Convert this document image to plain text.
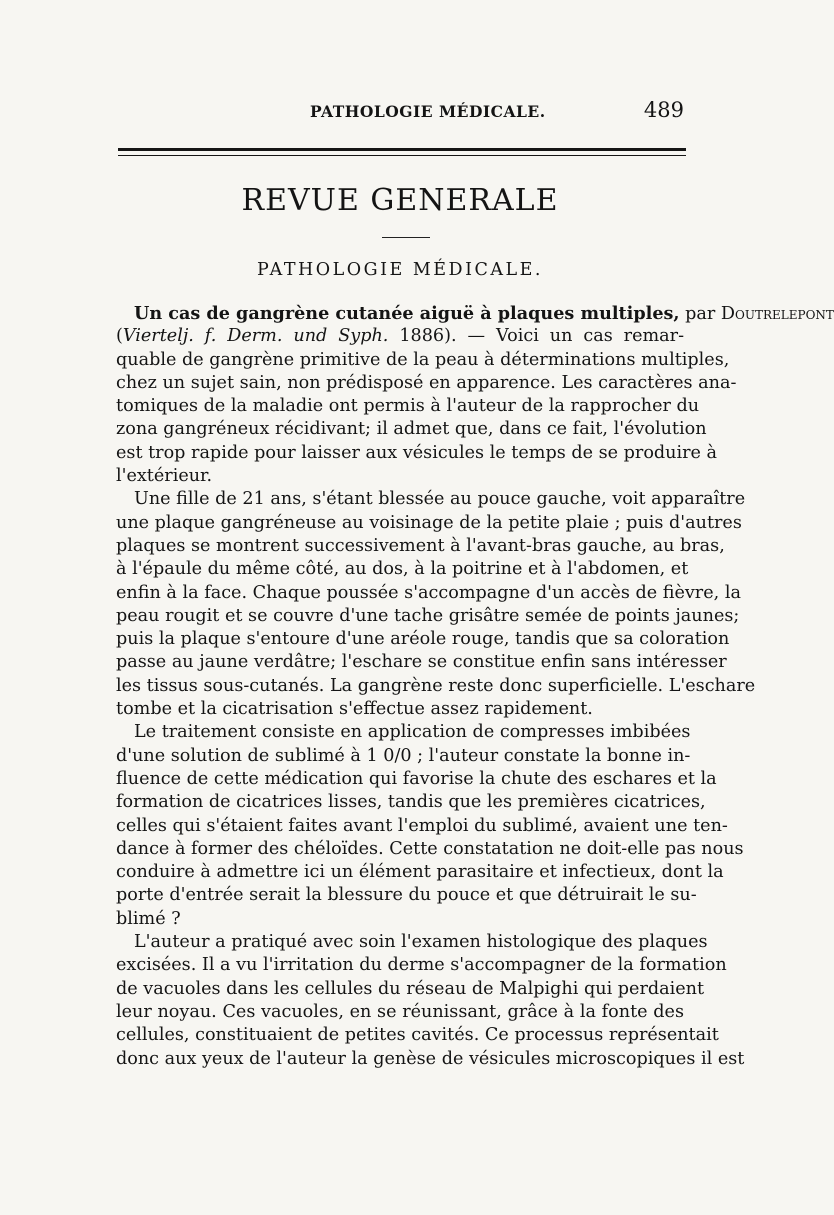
PATHOLOGIE MÉDICALE.	489
REVUE GENERALE
PATHOLOGIE MÉDICALE.
Un cas de gangrène cutanée aiguë à plaques multiples, par Doutrelepont
(Viertelj. f. Derm. und Syph. 1886). — Voici un cas remar-
quable de gangrène primitive de la peau à déterminations multiples,
chez un sujet sain, non prédisposé en apparence. Les caractères ana-
tomiques de la maladie ont permis à l'auteur de la rapprocher du
zona gangréneux récidivant; il admet que, dans ce fait, l'évolution
est trop rapide pour laisser aux vésicules le temps de se produire à
l'extérieur.
Une fille de 21 ans, s'étant blessée au pouce gauche, voit apparaître
une plaque gangréneuse au voisinage de la petite plaie ; puis d'autres
plaques se montrent successivement à l'avant-bras gauche, au bras,
à l'épaule du même côté, au dos, à la poitrine et à l'abdomen, et
enfin à la face. Chaque poussée s'accompagne d'un accès de fièvre, la
peau rougit et se couvre d'une tache grisâtre semée de points jaunes;
puis la plaque s'entoure d'une aréole rouge, tandis que sa coloration
passe au jaune verdâtre; l'eschare se constitue enfin sans intéresser
les tissus sous-cutanés. La gangrène reste donc superficielle. L'eschare
tombe et la cicatrisation s'effectue assez rapidement.
Le traitement consiste en application de compresses imbibées
d'une solution de sublimé à 1 0/0 ; l'auteur constate la bonne in-
fluence de cette médication qui favorise la chute des eschares et la
formation de cicatrices lisses, tandis que les premières cicatrices,
celles qui s'étaient faites avant l'emploi du sublimé, avaient une ten-
dance à former des chéloïdes. Cette constatation ne doit-elle pas nous
conduire à admettre ici un élément parasitaire et infectieux, dont la
porte d'entrée serait la blessure du pouce et que détruirait le su-
blimé ?
L'auteur a pratiqué avec soin l'examen histologique des plaques
excisées. Il a vu l'irritation du derme s'accompagner de la formation
de vacuoles dans les cellules du réseau de Malpighi qui perdaient
leur noyau. Ces vacuoles, en se réunissant, grâce à la fonte des
cellules, constituaient de petites cavités. Ce processus représentait
donc aux yeux de l'auteur la genèse de vésicules microscopiques il est
